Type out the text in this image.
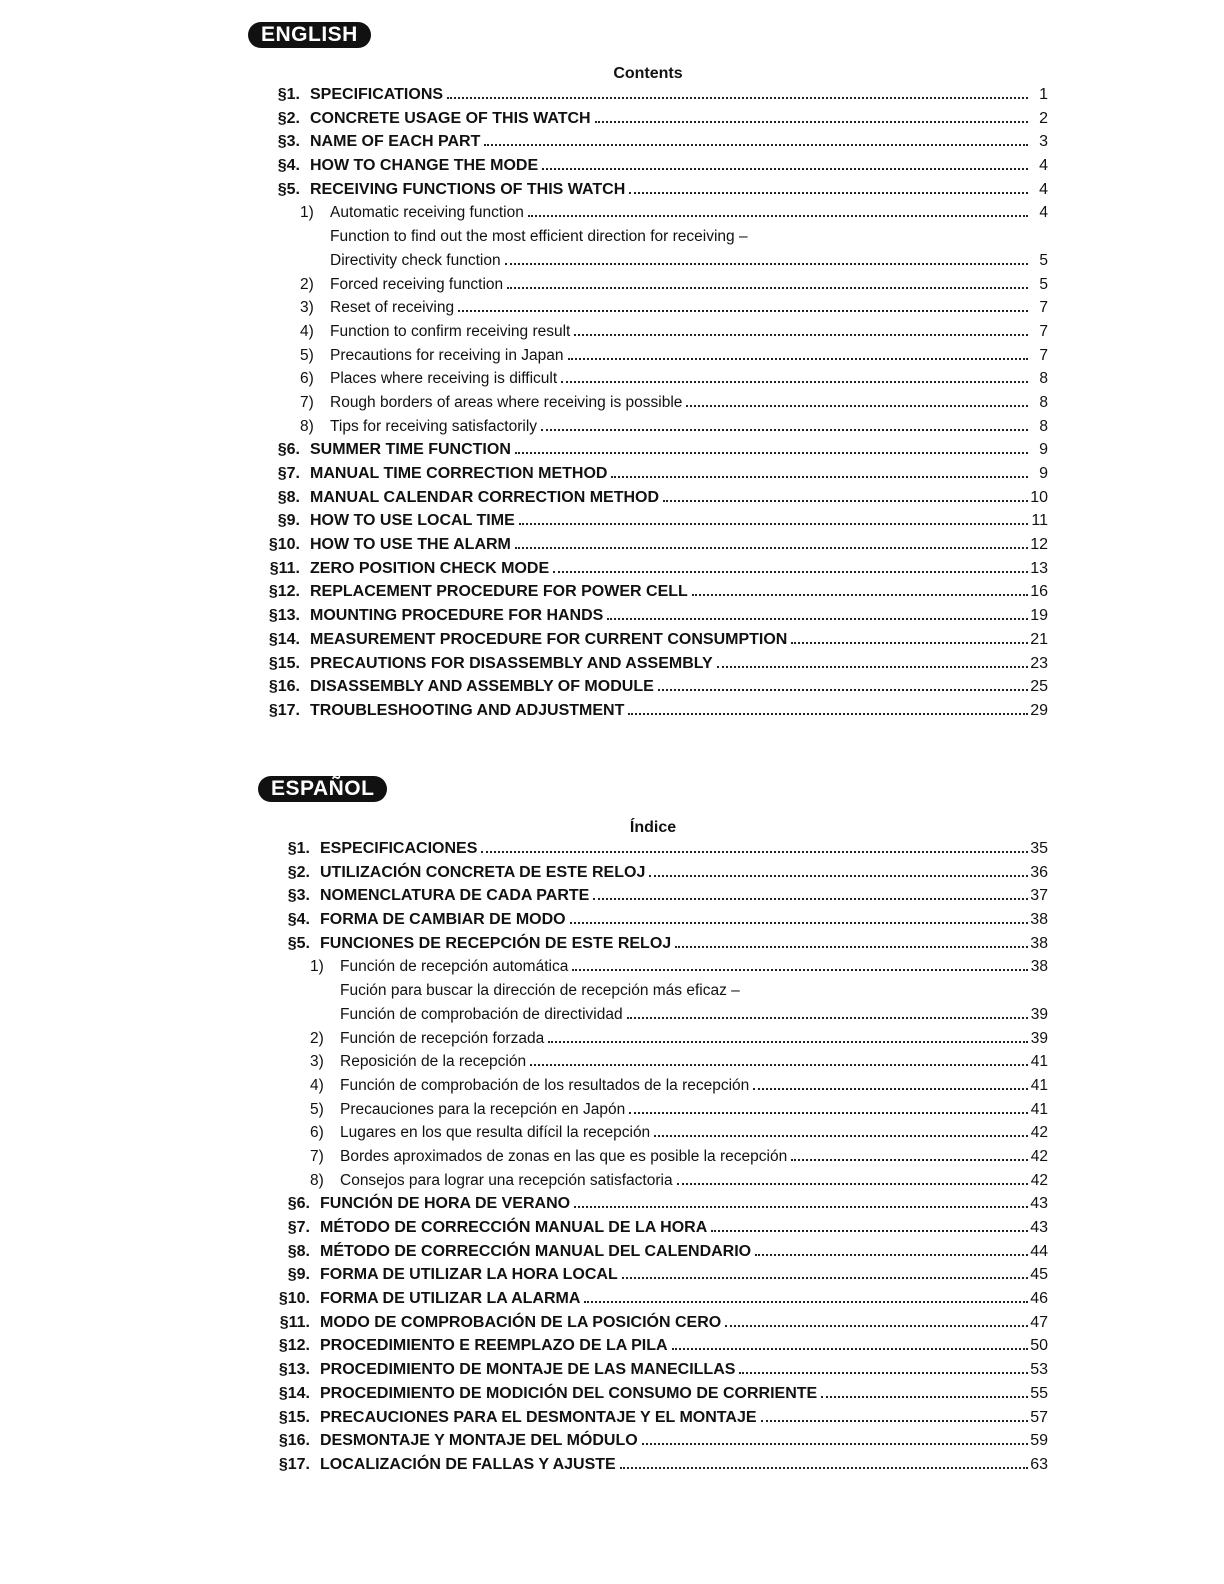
ENGLISH
Contents
§1. SPECIFICATIONS	1
§2. CONCRETE USAGE OF THIS WATCH	2
§3. NAME OF EACH PART	3
§4. HOW TO CHANGE THE MODE	4
§5. RECEIVING FUNCTIONS OF THIS WATCH	4
1)	Automatic receiving function	4
Function to find out the most efficient direction for receiving –
Directivity check function	5
2)	Forced receiving function	5
3)	Reset of receiving	7
4)	Function to confirm receiving result	7
5)	Precautions for receiving in Japan	7
6)	Places where receiving is difficult	8
7)	Rough borders of areas where receiving is possible	8
8)	Tips for receiving satisfactorily	8
§6. SUMMER TIME FUNCTION	9
§7. MANUAL TIME CORRECTION METHOD	9
§8. MANUAL CALENDAR CORRECTION METHOD	10
§9. HOW TO USE LOCAL TIME	11
§10. HOW TO USE THE ALARM	12
§11. ZERO POSITION CHECK MODE	13
§12. REPLACEMENT PROCEDURE FOR POWER CELL	16
§13. MOUNTING PROCEDURE FOR HANDS	19
§14. MEASUREMENT PROCEDURE FOR CURRENT CONSUMPTION	21
§15. PRECAUTIONS FOR DISASSEMBLY AND ASSEMBLY	23
§16. DISASSEMBLY AND ASSEMBLY OF MODULE	25
§17. TROUBLESHOOTING AND ADJUSTMENT	29
ESPAÑOL
Índice
§1. ESPECIFICACIONES	35
§2. UTILIZACIÓN CONCRETA DE ESTE RELOJ	36
§3. NOMENCLATURA DE CADA PARTE	37
§4. FORMA DE CAMBIAR DE MODO	38
§5. FUNCIONES DE RECEPCIÓN DE ESTE RELOJ	38
1)	Función de recepción automática	38
Fución para buscar la dirección de recepción más eficaz –
Función de comprobación de directividad	39
2)	Función de recepción forzada	39
3)	Reposición de la recepción	41
4)	Función de comprobación de los resultados de la recepción	41
5)	Precauciones para la recepción en Japón	41
6)	Lugares en los que resulta difícil la recepción	42
7)	Bordes aproximados de zonas en las que es posible la recepción	42
8)	Consejos para lograr una recepción satisfactoria	42
§6. FUNCIÓN DE HORA DE VERANO	43
§7. MÉTODO DE CORRECCIÓN MANUAL DE LA HORA	43
§8. MÉTODO DE CORRECCIÓN MANUAL DEL CALENDARIO	44
§9. FORMA DE UTILIZAR LA HORA LOCAL	45
§10. FORMA DE UTILIZAR LA ALARMA	46
§11. MODO DE COMPROBACIÓN DE LA POSICIÓN CERO	47
§12. PROCEDIMIENTO E REEMPLAZO DE LA PILA	50
§13. PROCEDIMIENTO DE MONTAJE DE LAS MANECILLAS	53
§14. PROCEDIMIENTO DE MODICIÓN DEL CONSUMO DE CORRIENTE	55
§15. PRECAUCIONES PARA EL DESMONTAJE Y EL MONTAJE	57
§16. DESMONTAJE Y MONTAJE DEL MÓDULO	59
§17. LOCALIZACIÓN DE FALLAS Y AJUSTE	63
